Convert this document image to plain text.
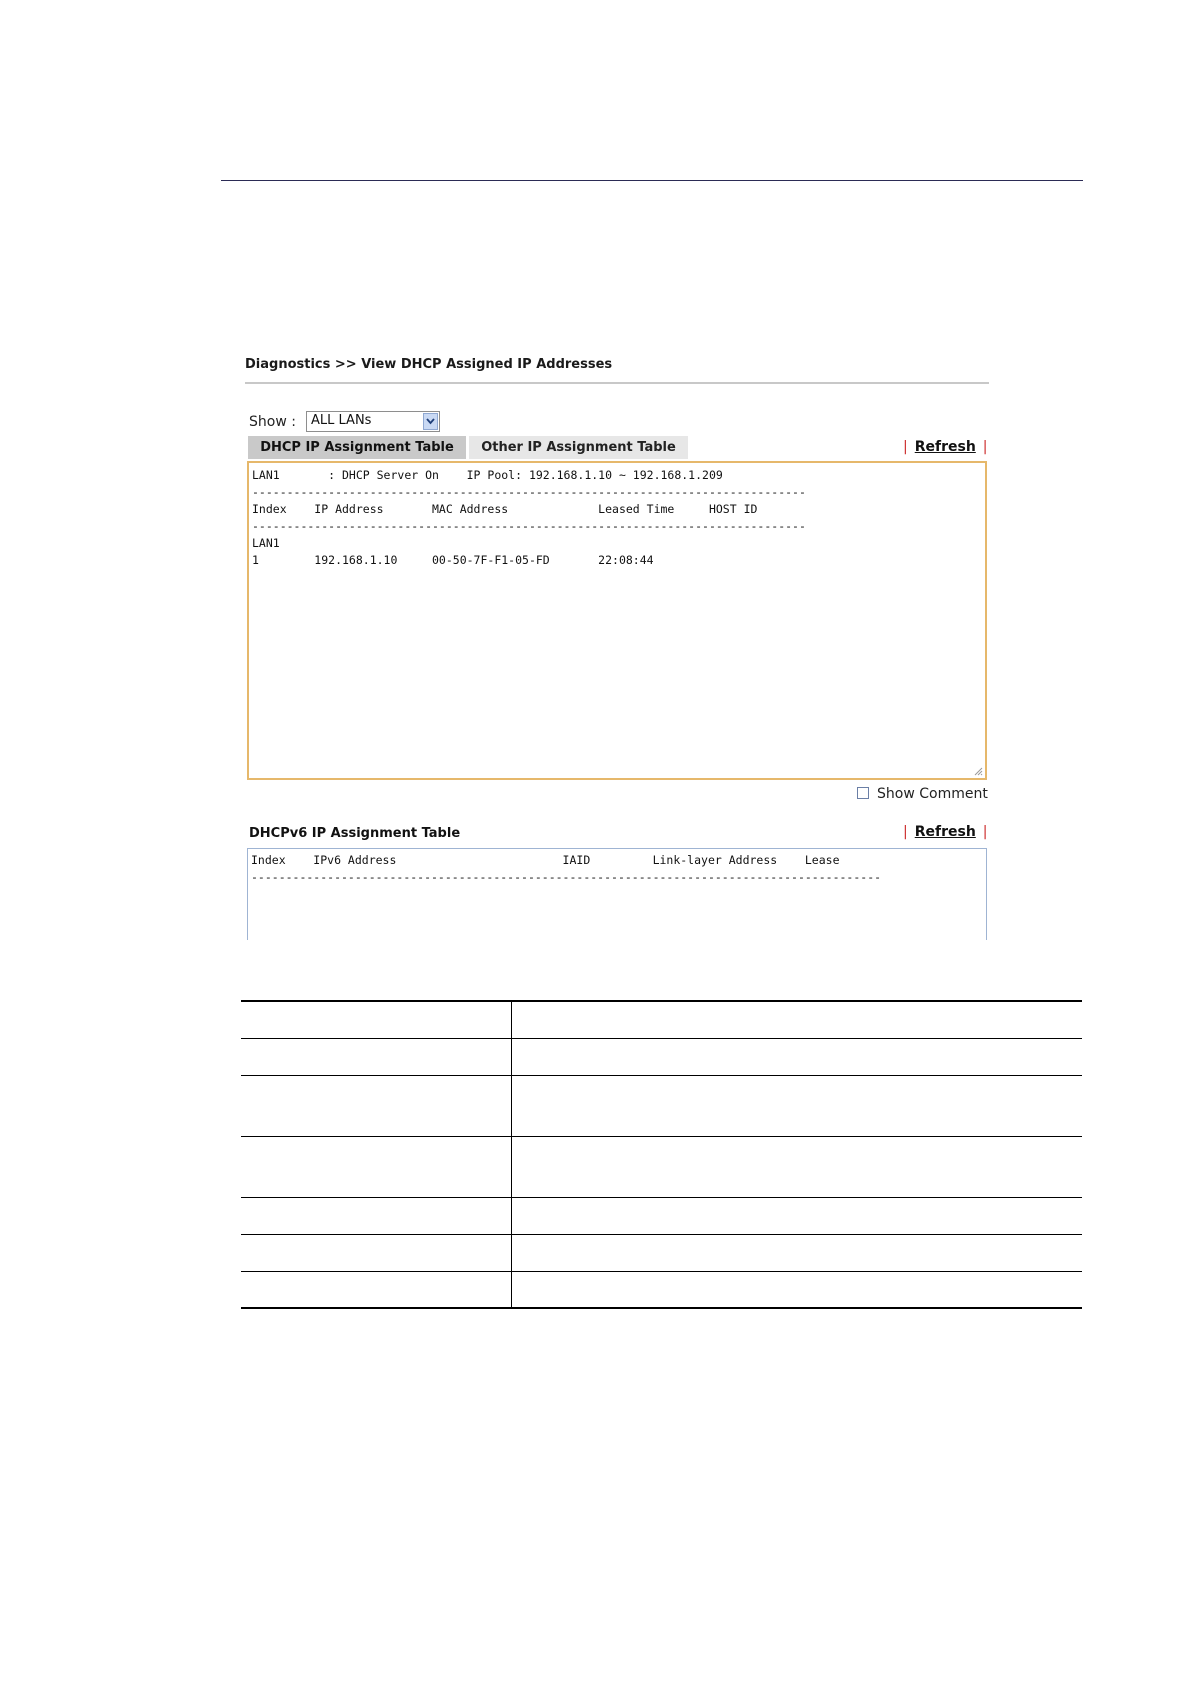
Diagnostics >> View DHCP Assigned IP Addresses
Show : ALL LANs
DHCP IP Assignment Table	Other IP Assignment Table	| Refresh |
LAN1       : DHCP Server On    IP Pool: 192.168.1.10 ~ 192.168.1.209
--------------------------------------------------------------------------------
Index    IP Address       MAC Address             Leased Time     HOST ID
--------------------------------------------------------------------------------
LAN1
1        192.168.1.10     00-50-7F-F1-05-FD       22:08:44
Show Comment
DHCPv6 IP Assignment Table	| Refresh |
Index    IPv6 Address                        IAID         Link-layer Address    Lease
-------------------------------------------------------------------------------------------
